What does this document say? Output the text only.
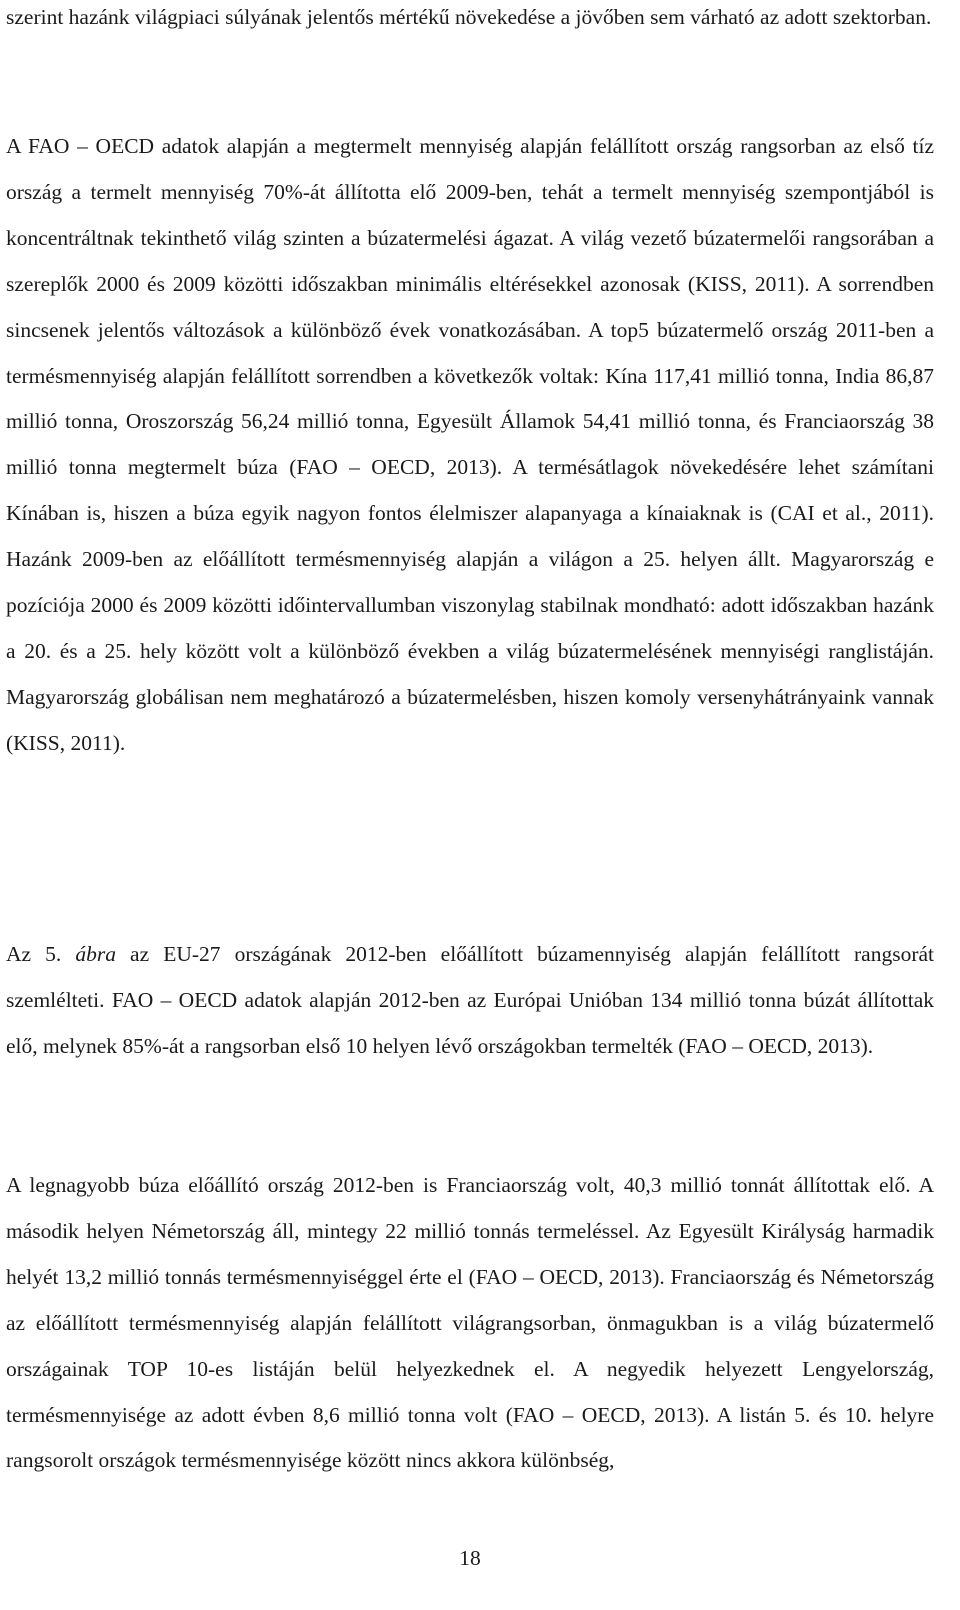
szerint hazánk világpiaci súlyának jelentős mértékű növekedése a jövőben sem várható az adott szektorban.

A FAO – OECD adatok alapján a megtermelt mennyiség alapján felállított ország rangsorban az első tíz ország a termelt mennyiség 70%-át állította elő 2009-ben, tehát a termelt mennyiség szempontjából is koncentráltnak tekinthető világ szinten a búzatermelési ágazat. A világ vezető búzatermelői rangsorában a szereplők 2000 és 2009 közötti időszakban minimális eltérésekkel azonosak (KISS, 2011). A sorrendben sincsenek jelentős változások a különböző évek vonatkozásában. A top5 búzatermelő ország 2011-ben a termésmennyiség alapján felállított sorrendben a következők voltak: Kína 117,41 millió tonna, India 86,87 millió tonna, Oroszország 56,24 millió tonna, Egyesült Államok 54,41 millió tonna, és Franciaország 38 millió tonna megtermelt búza (FAO – OECD, 2013). A termésátlagok növekedésére lehet számítani Kínában is, hiszen a búza egyik nagyon fontos élelmiszer alapanyaga a kínaiaknak is (CAI et al., 2011). Hazánk 2009-ben az előállított termésmennyiség alapján a világon a 25. helyen állt. Magyarország e pozíciója 2000 és 2009 közötti időintervallumban viszonylag stabilnak mondható: adott időszakban hazánk a 20. és a 25. hely között volt a különböző években a világ búzatermelésének mennyiségi ranglistáján. Magyarország globálisan nem meghatározó a búzatermelésben, hiszen komoly versenyhátrányaink vannak (KISS, 2011).

Az 5. ábra az EU-27 országának 2012-ben előállított búzamennyiség alapján felállított rangsorát szemlélteti. FAO – OECD adatok alapján 2012-ben az Európai Unióban 134 millió tonna búzát állítottak elő, melynek 85%-át a rangsorban első 10 helyen lévő országokban termelték (FAO – OECD, 2013).

A legnagyobb búza előállító ország 2012-ben is Franciaország volt, 40,3 millió tonnát állítottak elő. A második helyen Németország áll, mintegy 22 millió tonnás termeléssel. Az Egyesült Királyság harmadik helyét 13,2 millió tonnás termésmennyiséggel érte el (FAO – OECD, 2013). Franciaország és Németország az előállított termésmennyiség alapján felállított világrangsorban, önmagukban is a világ búzatermelő országainak TOP 10-es listáján belül helyezkednek el. A negyedik helyezett Lengyelország, termésmennyisége az adott évben 8,6 millió tonna volt (FAO – OECD, 2013). A listán 5. és 10. helyre rangsorolt országok termésmennyisége között nincs akkora különbség,

18
